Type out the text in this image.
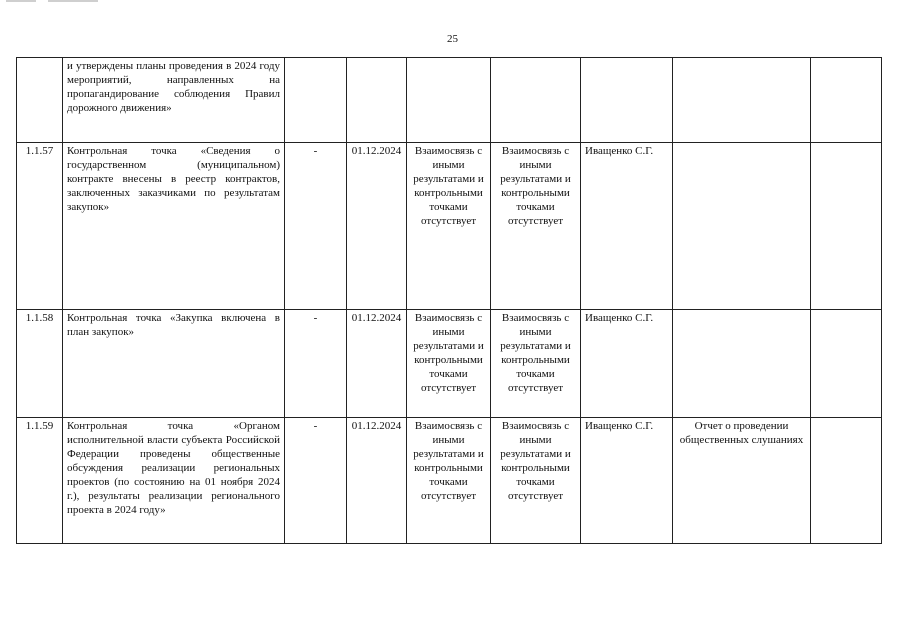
25
	и утверждены планы проведения в 2024 году мероприятий, направленных на пропагандирование соблюдения Правил дорожного движения»							
1.1.57	Контрольная точка «Сведения о государственном (муниципальном) контракте внесены в реестр контрактов, заключенных заказчиками по результатам закупок»	-	01.12.2024	Взаимосвязь с иными результатами и контрольными точками отсутствует	Взаимосвязь с иными результатами и контрольными точками отсутствует	Иващенко С.Г.		
1.1.58	Контрольная точка «Закупка включена в план закупок»	-	01.12.2024	Взаимосвязь с иными результатами и контрольными точками отсутствует	Взаимосвязь с иными результатами и контрольными точками отсутствует	Иващенко С.Г.		
1.1.59	Контрольная точка «Органом исполнительной власти субъекта Российской Федерации проведены общественные обсуждения реализации региональных проектов (по состоянию на 01 ноября 2024 г.), результаты реализации регионального проекта в 2024 году»	-	01.12.2024	Взаимосвязь с иными результатами и контрольными точками отсутствует	Взаимосвязь с иными результатами и контрольными точками отсутствует	Иващенко С.Г.	Отчет о проведении общественных слушаниях	
